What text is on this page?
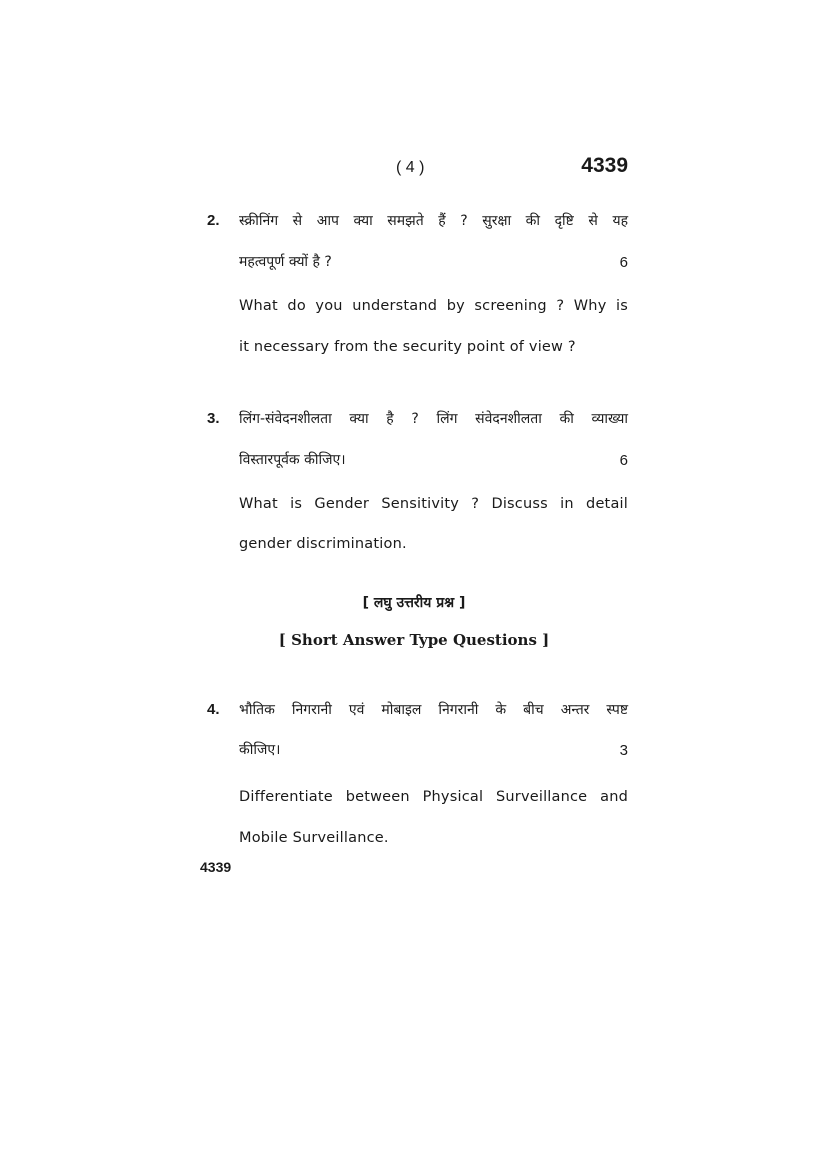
( 4 )	4339
2.	स्क्रीनिंग से आप क्या समझते हैं ? सुरक्षा की दृष्टि से यह
महत्वपूर्ण क्यों है ?	6
What do you understand by screening ? Why is
it necessary from the security point of view ?
3.	लिंग-संवेदनशीलता क्या है ? लिंग संवेदनशीलता की व्याख्या
विस्तारपूर्वक कीजिए।	6
What is Gender Sensitivity ? Discuss in detail
gender discrimination.
[ लघु उत्तरीय प्रश्न ]
[ Short Answer Type Questions ]
4.	भौतिक निगरानी एवं मोबाइल निगरानी के बीच अन्तर स्पष्ट
कीजिए।	3
Differentiate between Physical Surveillance and
Mobile Surveillance.
4339
